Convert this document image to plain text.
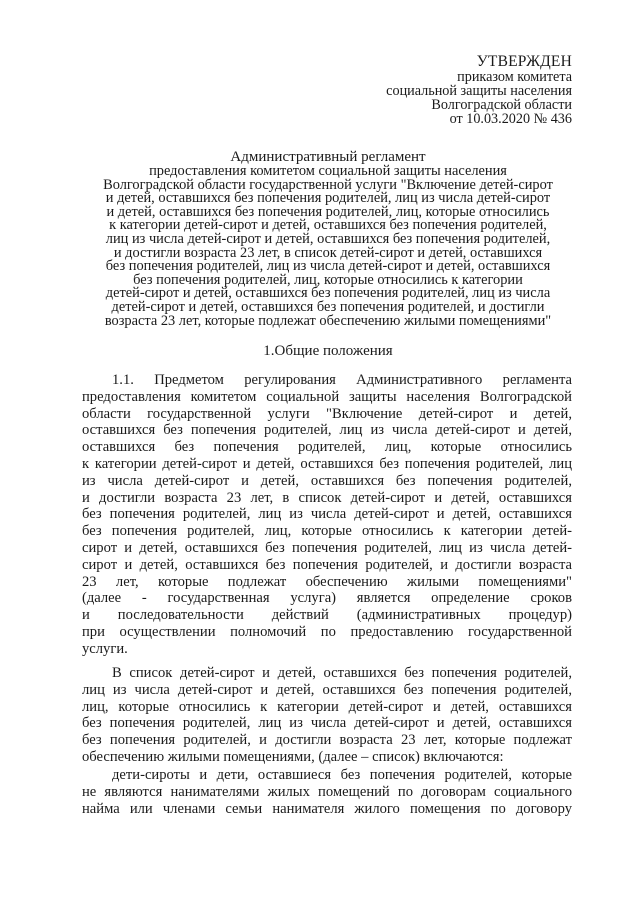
УТВЕРЖДЕН
приказом комитета
социальной защиты населения
Волгоградской области
от 10.03.2020 № 436
Административный регламент
предоставления комитетом социальной защиты населения
Волгоградской области государственной услуги "Включение детей-сирот
и детей, оставшихся без попечения родителей, лиц из числа детей-сирот
и детей, оставшихся без попечения родителей, лиц, которые относились
к категории детей-сирот и детей, оставшихся без попечения родителей,
лиц из числа детей-сирот и детей, оставшихся без попечения родителей,
и достигли возраста 23 лет, в список детей-сирот и детей, оставшихся
без попечения родителей, лиц из числа детей-сирот и детей, оставшихся
без попечения родителей, лиц, которые относились к категории
детей-сирот и детей, оставшихся без попечения родителей, лиц из числа
детей-сирот и детей, оставшихся без попечения родителей, и достигли
возраста 23 лет, которые подлежат обеспечению жилыми помещениями"
1.Общие положения
1.1. Предметом регулирования Административного регламента
предоставления комитетом социальной защиты населения Волгоградской
области государственной услуги "Включение детей-сирот и детей,
оставшихся без попечения родителей, лиц из числа детей-сирот и детей,
оставшихся без попечения родителей, лиц, которые относились
к категории детей-сирот и детей, оставшихся без попечения родителей, лиц
из числа детей-сирот и детей, оставшихся без попечения родителей,
и достигли возраста 23 лет, в список детей-сирот и детей, оставшихся
без попечения родителей, лиц из числа детей-сирот и детей, оставшихся
без попечения родителей, лиц, которые относились к категории детей-
сирот и детей, оставшихся без попечения родителей, лиц из числа детей-
сирот и детей, оставшихся без попечения родителей, и достигли возраста
23 лет, которые подлежат обеспечению жилыми помещениями"
(далее - государственная услуга) является определение сроков
и последовательности действий (административных процедур)
при осуществлении полномочий по предоставлению государственной
услуги.
В список детей-сирот и детей, оставшихся без попечения родителей,
лиц из числа детей-сирот и детей, оставшихся без попечения родителей,
лиц, которые относились к категории детей-сирот и детей, оставшихся
без попечения родителей, лиц из числа детей-сирот и детей, оставшихся
без попечения родителей, и достигли возраста 23 лет, которые подлежат
обеспечению жилыми помещениями, (далее – список) включаются:
дети-сироты и дети, оставшиеся без попечения родителей, которые
не являются нанимателями жилых помещений по договорам социального
найма или членами семьи нанимателя жилого помещения по договору
